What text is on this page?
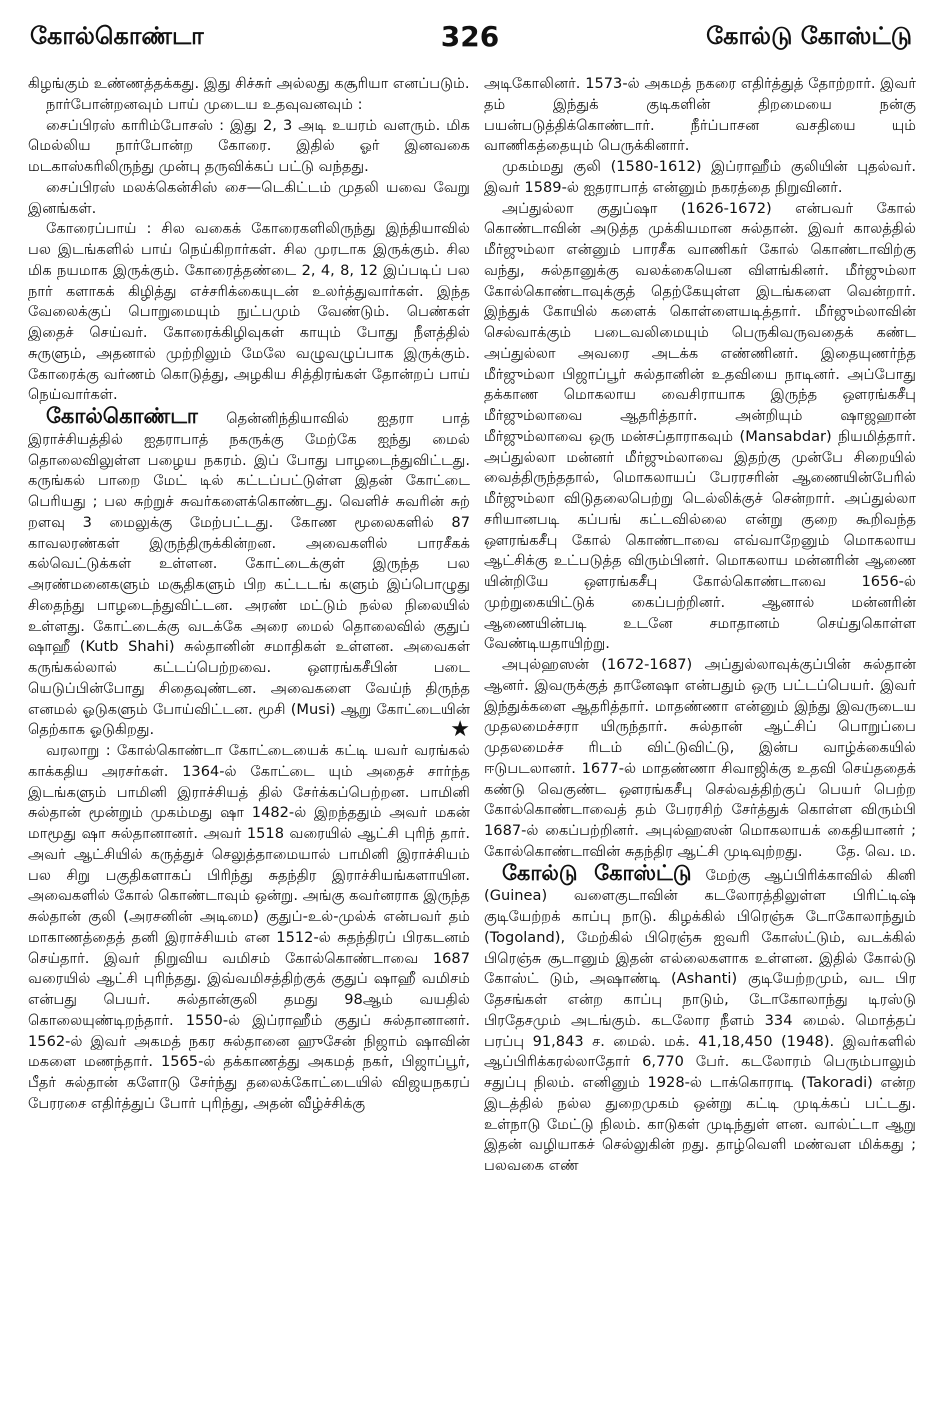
கோல்கொண்டா	326	கோல்டு கோஸ்ட்டு

கிழங்கும் உண்ணத்தக்கது. இது சிச்சுர் அல்லது கசூரியா எனப்படும்.

நார்போன்றனவும் பாய் முடைய உதவுவனவும் :

சைப்பிரஸ் காரிம்போசஸ் : இது 2, 3 அடி உயரம் வளரும். மிக மெல்லிய நார்போன்ற கோரை. இதில் ஓர் இனவகை மடகாஸ்கரிலிருந்து முன்பு தருவிக்கப் பட்டு வந்தது.

சைப்பிரஸ் மலக்கென்சிஸ் சை—டெகிட்டம் முதலி யவை வேறு இனங்கள்.

கோரைப்பாய் : சில வகைக் கோரைகளிலிருந்து இந்தியாவில் பல இடங்களில் பாய் நெய்கிறார்கள். சில முரடாக இருக்கும். சில மிக நயமாக இருக்கும். கோரைத்தண்டை 2, 4, 8, 12 இப்படிப் பல நார் களாகக் கிழித்து எச்சரிக்கையுடன் உலர்த்துவார்கள். இந்த வேலைக்குப் பொறுமையும் நுட்பமும் வேண்டும். பெண்கள் இதைச் செய்வர். கோரைக்கிழிவுகள் காயும் போது நீளத்தில் சுருளும், அதனால் முற்றிலும் மேலே வழுவழுப்பாக இருக்கும். கோரைக்கு வர்ணம் கொடுத்து, அழகிய சித்திரங்கள் தோன்றப் பாய் நெய்வார்கள்.

கோல்கொண்டா தென்னிந்தியாவில் ஐதரா பாத் இராச்சியத்தில் ஐதராபாத் நகருக்கு மேற்கே ஐந்து மைல் தொலைவிலுள்ள பழைய நகரம். இப் போது பாழடைந்துவிட்டது. கருங்கல் பாறை மேட் டில் கட்டப்பட்டுள்ள இதன் கோட்டை பெரியது ; பல சுற்றுச் சுவர்களைக்கொண்டது. வெளிச் சுவரின் சுற் றளவு 3 மைலுக்கு மேற்பட்டது. கோண மூலைகளில் 87 காவலரண்கள் இருந்திருக்கின்றன. அவைகளில் பாரசீகக் கல்வெட்டுக்கள் உள்ளன. கோட்டைக்குள் இருந்த பல அரண்மனைகளும் மசூதிகளும் பிற கட்டடங் களும் இப்பொழுது சிதைந்து பாழடைந்துவிட்டன. அரண் மட்டும் நல்ல நிலையில் உள்ளது. கோட்டைக்கு வடக்கே அரை மைல் தொலைவில் குதுப் ஷாஹீ (Kutb Shahi) சுல்தானின் சமாதிகள் உள்ளன. அவைகள் கருங்கல்லால் கட்டப்பெற்றவை. ஔரங்கசீபின் படை யெடுப்பின்போது சிதைவுண்டன. அவைகளை வேய்ந் திருந்த எனமல் ஓடுகளும் போய்விட்டன. மூசி (Musi) ஆறு கோட்டையின் தெற்காக ஓடுகிறது.	★

வரலாறு : கோல்கொண்டா கோட்டையைக் கட்டி யவர் வரங்கல் காக்கதிய அரசர்கள். 1364-ல் கோட்டை யும் அதைச் சார்ந்த இடங்களும் பாமினி இராச்சியத் தில் சேர்க்கப்பெற்றன. பாமினி சுல்தான் மூன்றும் முகம்மது ஷா 1482-ல் இறந்ததும் அவர் மகன் மாமூது ஷா சுல்தானானர். அவர் 1518 வரையில் ஆட்சி புரிந் தார். அவர் ஆட்சியில் கருத்துச் செலுத்தாமையால் பாமினி இராச்சியம் பல சிறு பகுதிகளாகப் பிரிந்து சுதந்திர இராச்சியங்களாயின. அவைகளில் கோல் கொண்டாவும் ஒன்று. அங்கு கவர்னராக இருந்த சுல்தான் குலி (அரசனின் அடிமை) குதுப்-உல்-முல்க் என்பவர் தம் மாகாணத்தைத் தனி இராச்சியம் என 1512-ல் சுதந்திரப் பிரகடனம் செய்தார். இவர் நிறுவிய வமிசம் கோல்கொண்டாவை 1687 வரையில் ஆட்சி புரிந்தது. இவ்வமிசத்திற்குக் குதுப் ஷாஹீ வமிசம் என்பது பெயர். சுல்தான்குலி தமது 98ஆம் வயதில் கொலையுண்டிறந்தார். 1550-ல் இப்ராஹீம் குதுப் சுல்தானானர். 1562-ல் இவர் அகமத் நகர சுல்தானை ஹுசேன் நிஜாம் ஷாவின் மகளை மணந்தார். 1565-ல் தக்காணத்து அகமத் நகர், பிஜாப்பூர், பீதர் சுல்தான் களோடு சேர்ந்து தலைக்கோட்டையில் விஜயநகரப் பேரரசை எதிர்த்துப் போர் புரிந்து, அதன் வீழ்ச்சிக்கு

அடிகோலினர். 1573-ல் அகமத் நகரை எதிர்த்துத் தோற்றார். இவர் தம் இந்துக் குடிகளின் திறமையை நன்கு பயன்படுத்திக்கொண்டார். நீர்ப்பாசன வசதியை யும் வாணிகத்தையும் பெருக்கினார்.

முகம்மது குலி (1580-1612) இப்ராஹீம் குலியின் புதல்வர். இவர் 1589-ல் ஐதராபாத் என்னும் நகரத்தை நிறுவினர்.

அப்துல்லா குதுப்ஷா (1626-1672) என்பவர் கோல் கொண்டாவின் அடுத்த முக்கியமான சுல்தான். இவர் காலத்தில் மீர்ஜும்லா என்னும் பாரசீக வாணிகர் கோல் கொண்டாவிற்கு வந்து, சுல்தானுக்கு வலக்கையென விளங்கினர். மீர்ஜும்லா கோல்கொண்டாவுக்குத் தெற்கேயுள்ள இடங்களை வென்றார். இந்துக் கோயில் களைக் கொள்ளையடித்தார். மீர்ஜும்லாவின் செல்வாக்கும் படைவலிமையும் பெருகிவருவதைக் கண்ட அப்துல்லா அவரை அடக்க எண்ணினர். இதையுணர்ந்த மீர்ஜும்லா பிஜாப்பூர் சுல்தானின் உதவியை நாடினர். அப்போது தக்காண மொகலாய வைசிராயாக இருந்த ஔரங்கசீபு மீர்ஜும்லாவை ஆதரித்தார். அன்றியும் ஷாஜஹான் மீர்ஜும்லாவை ஒரு மன்சப்தாராகவும் (Mansabdar) நியமித்தார். அப்துல்லா மன்னர் மீர்ஜும்லாவை இதற்கு முன்பே சிறையில் வைத்திருந்ததால், மொகலாயப் பேரரசரின் ஆணையின்பேரில் மீர்ஜும்லா விடுதலைபெற்று டெல்லிக்குச் சென்றார். அப்துல்லா சரியானபடி கப்பங் கட்டவில்லை என்று குறை கூறிவந்த ஔரங்கசீபு கோல் கொண்டாவை எவ்வாறேனும் மொகலாய ஆட்சிக்கு உட்படுத்த விரும்பினர். மொகலாய மன்னரின் ஆணை யின்றியே ஔரங்கசீபு கோல்கொண்டாவை 1656-ல் முற்றுகையிட்டுக் கைப்பற்றினர். ஆனால் மன்னரின் ஆணையின்படி உடனே சமாதானம் செய்துகொள்ள வேண்டியதாயிற்று.

அபுல்ஹஸன் (1672-1687) அப்துல்லாவுக்குப்பின் சுல்தான் ஆனர். இவருக்குத் தானேஷா என்பதும் ஒரு பட்டப்பெயர். இவர் இந்துக்களை ஆதரித்தார். மாதண்ணா என்னும் இந்து இவருடைய முதலமைச்சரா யிருந்தார். சுல்தான் ஆட்சிப் பொறுப்பை முதலமைச்ச ரிடம் விட்டுவிட்டு, இன்ப வாழ்க்கையில் ஈடுபடலானர். 1677-ல் மாதண்ணா சிவாஜிக்கு உதவி செய்ததைக் கண்டு வெகுண்ட ஔரங்கசீபு செல்வத்திற்குப் பெயர் பெற்ற கோல்கொண்டாவைத் தம் பேரரசிற் சேர்த்துக் கொள்ள விரும்பி 1687-ல் கைப்பற்றினர். அபுல்ஹஸன் மொகலாயக் கைதியானர் ; கோல்கொண்டாவின் சுதந்திர ஆட்சி முடிவுற்றது.	தே. வெ. ம.

கோல்டு கோஸ்ட்டு மேற்கு ஆப்பிரிக்காவில் கினி (Guinea) வளைகுடாவின் கடலோரத்திலுள்ள பிரிட்டிஷ் குடியேற்றக் காப்பு நாடு. கிழக்கில் பிரெஞ்சு டோகோலாந்தும் (Togoland), மேற்கில் பிரெஞ்சு ஐவரி கோஸ்ட்டும், வடக்கில் பிரெஞ்சு சூடானும் இதன் எல்லைகளாக உள்ளன. இதில் கோல்டு கோஸ்ட் டும், அஷாண்டி (Ashanti) குடியேற்றமும், வட பிர தேசங்கள் என்ற காப்பு நாடும், டோகோலாந்து டிரஸ்டு பிரதேசமும் அடங்கும். கடலோர நீளம் 334 மைல். மொத்தப் பரப்பு 91,843 ச. மைல். மக். 41,18,450 (1948). இவர்களில் ஆப்பிரிக்கரல்லாதோர் 6,770 பேர். கடலோரம் பெரும்பாலும் சதுப்பு நிலம். எனினும் 1928-ல் டாக்கொராடி (Takoradi) என்ற இடத்தில் நல்ல துறைமுகம் ஒன்று கட்டி முடிக்கப் பட்டது. உள்நாடு மேட்டு நிலம். காடுகள் முடிந்துள் ளன. வால்ட்டா ஆறு இதன் வழியாகச் செல்லுகின் றது. தாழ்வெளி மண்வள மிக்கது ; பலவகை எண்
